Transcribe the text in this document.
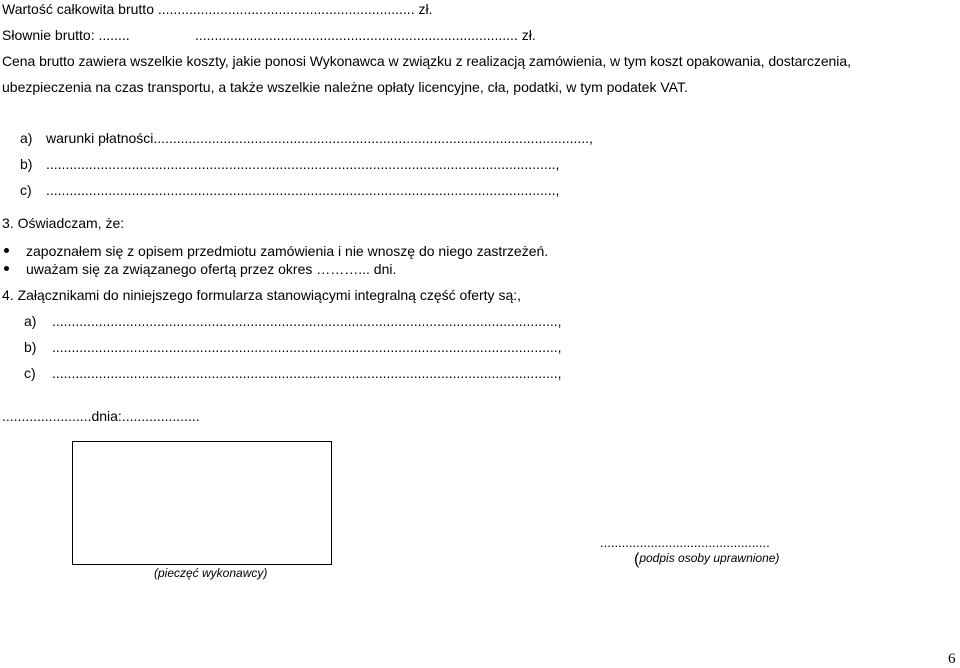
Wartość całkowita brutto .................................................................. zł.
Słownie brutto: ........	................................................................................... zł.
Cena brutto zawiera wszelkie koszty, jakie ponosi Wykonawca w związku z realizacją zamówienia, w tym koszt opakowania, dostarczenia,
ubezpieczenia na czas transportu, a także wszelkie należne opłaty licencyjne, cła, podatki, w tym podatek VAT.
a) warunki płatności................................................................................................................,
b) ...................................................................................................................................,
c) ...................................................................................................................................,
3. Oświadczam, że:
zapoznałem się z opisem przedmiotu zamówienia i nie wnoszę do niego zastrzeżeń.
uważam się za związanego ofertą przez okres ………... dni.
4. Załącznikami do niniejszego formularza stanowiącymi integralną część oferty są:,
a) ..................................................................................................................................,
b) ..................................................................................................................................,
c) ..................................................................................................................................,
.......................dnia:....................
(pieczęć wykonawcy)
...............................................
(podpis osoby uprawnione)
6
